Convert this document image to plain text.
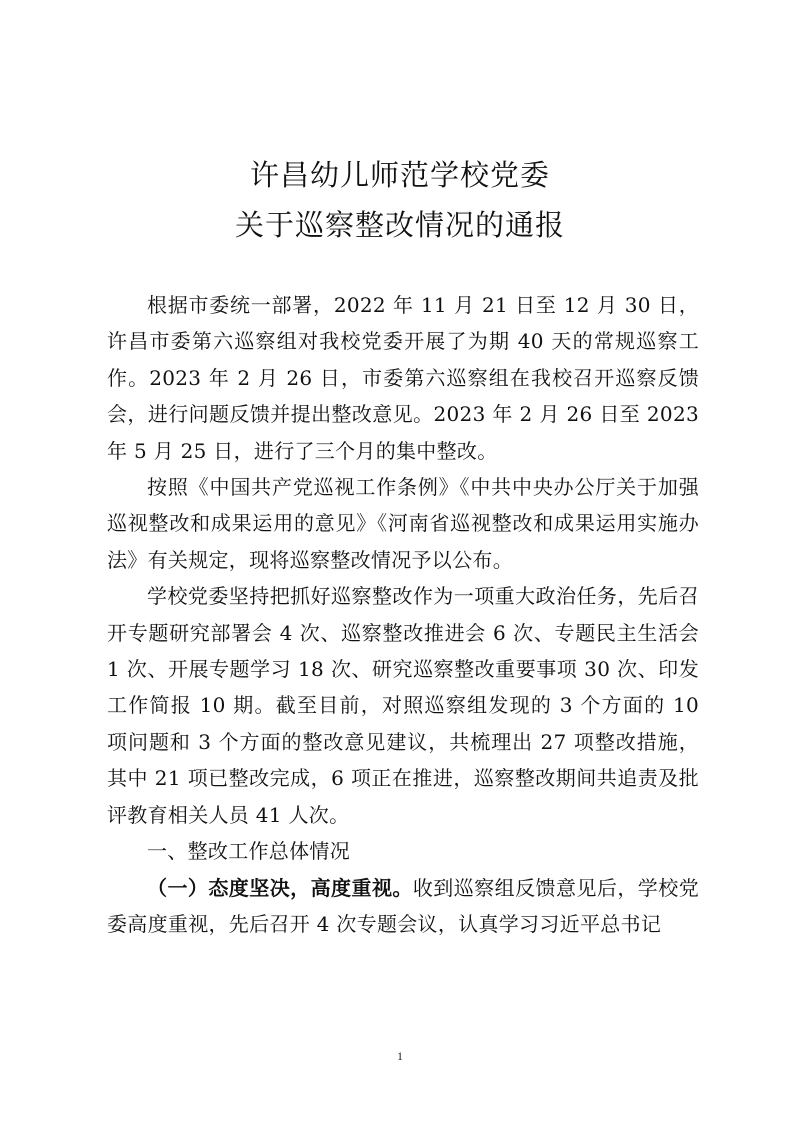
许昌幼儿师范学校党委
关于巡察整改情况的通报

根据市委统一部署，2022 年 11 月 21 日至 12 月 30 日，许昌市委第六巡察组对我校党委开展了为期 40 天的常规巡察工作。2023 年 2 月 26 日，市委第六巡察组在我校召开巡察反馈会，进行问题反馈并提出整改意见。2023 年 2 月 26 日至 2023 年 5 月 25 日，进行了三个月的集中整改。

按照《中国共产党巡视工作条例》《中共中央办公厅关于加强巡视整改和成果运用的意见》《河南省巡视整改和成果运用实施办法》有关规定，现将巡察整改情况予以公布。

学校党委坚持把抓好巡察整改作为一项重大政治任务，先后召开专题研究部署会 4 次、巡察整改推进会 6 次、专题民主生活会 1 次、开展专题学习 18 次、研究巡察整改重要事项 30 次、印发工作简报 10 期。截至目前，对照巡察组发现的 3 个方面的 10 项问题和 3 个方面的整改意见建议，共梳理出 27 项整改措施，其中 21 项已整改完成，6 项正在推进，巡察整改期间共追责及批评教育相关人员 41 人次。

一、整改工作总体情况

（一）态度坚决，高度重视。收到巡察组反馈意见后，学校党委高度重视，先后召开 4 次专题会议，认真学习习近平总书记

1
